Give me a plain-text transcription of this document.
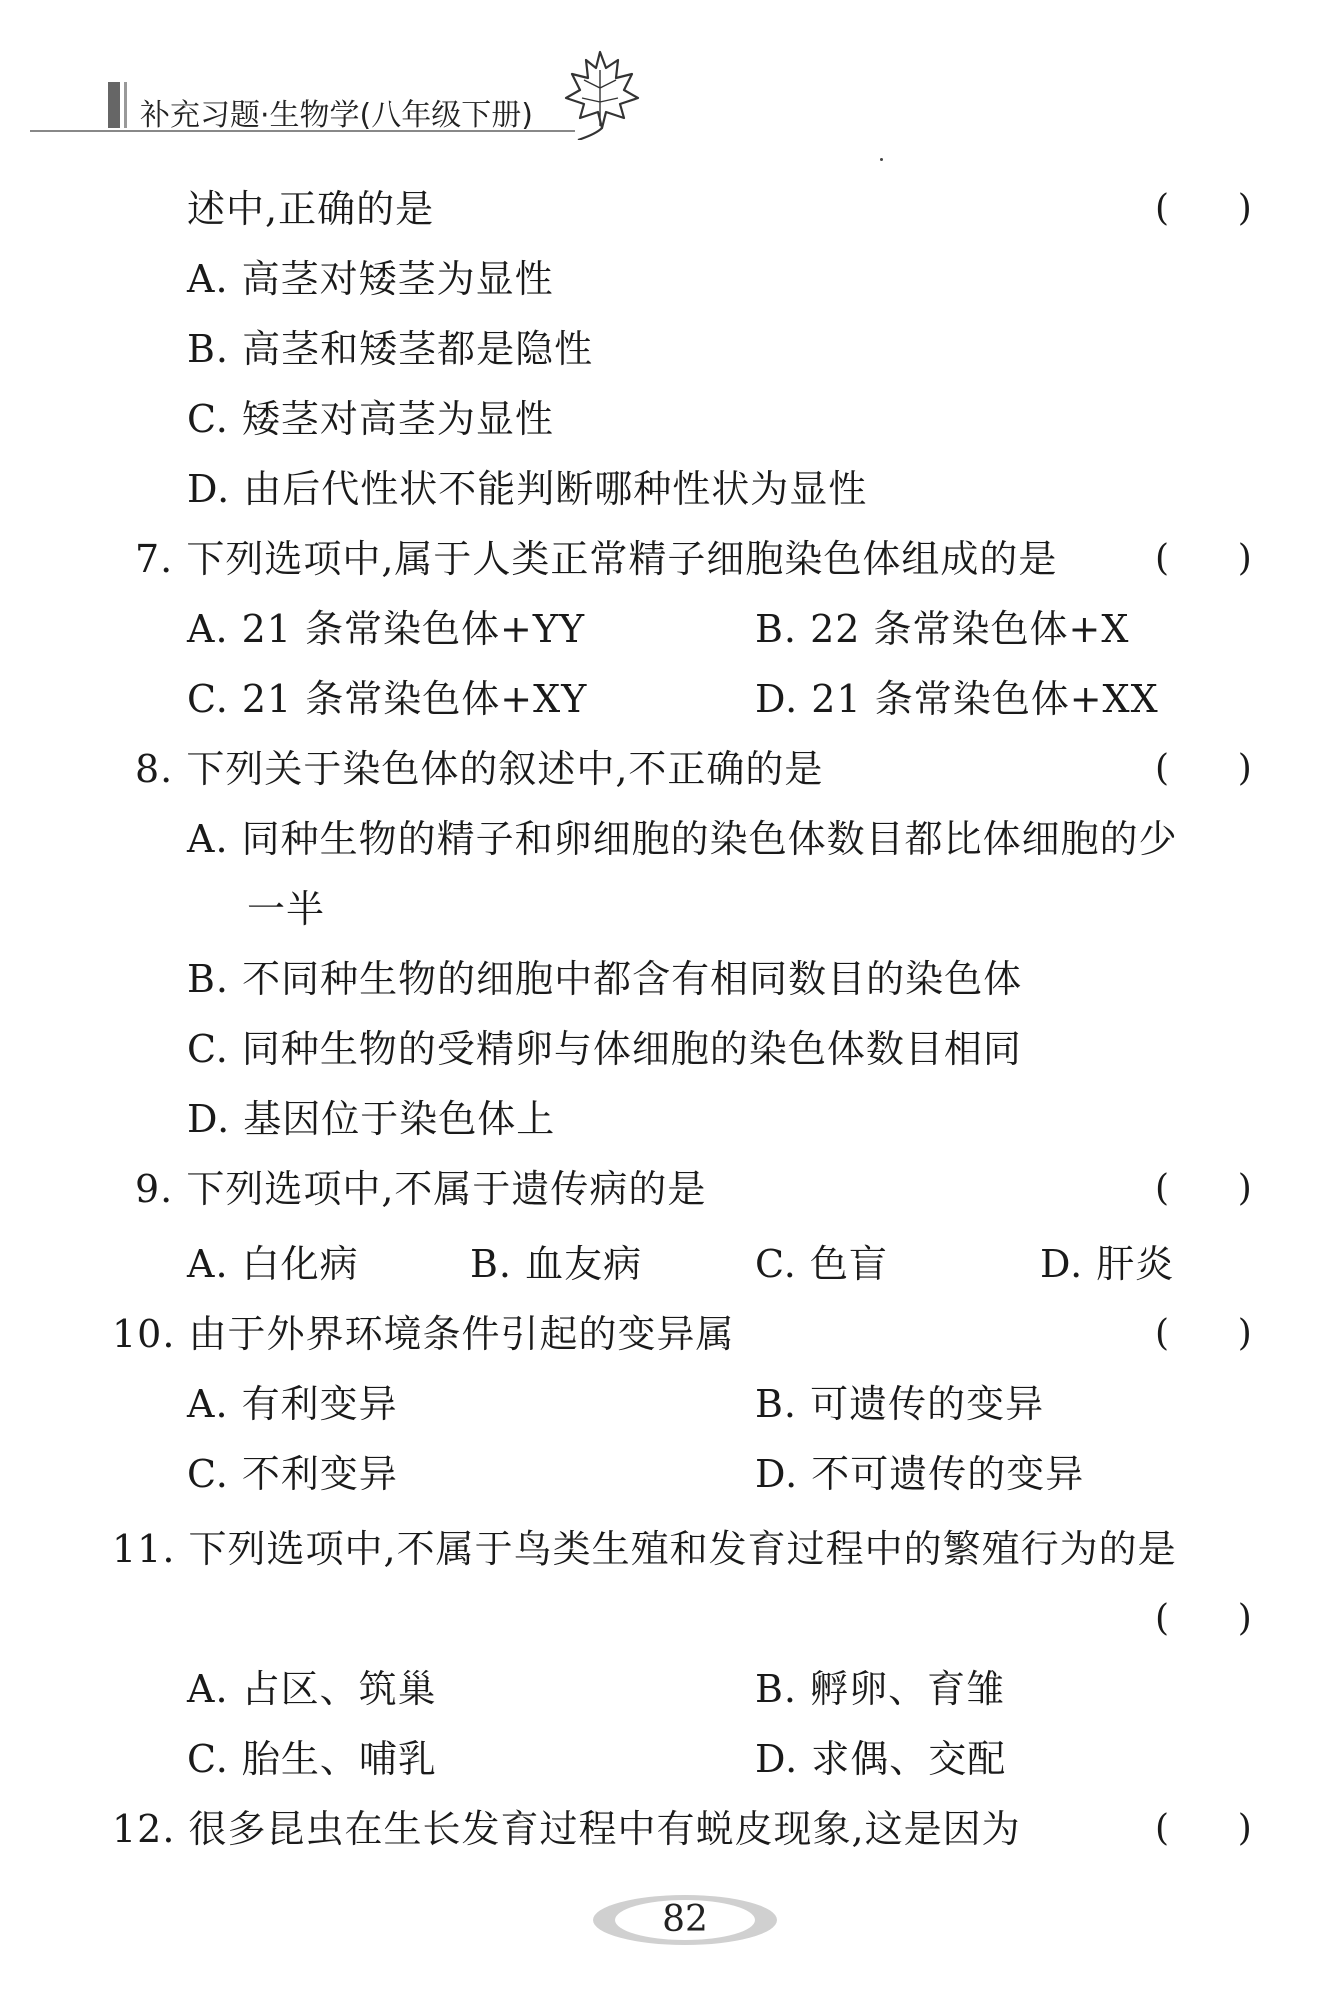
补充习题·生物学(八年级下册)
述中,正确的是	(      )
A. 高茎对矮茎为显性
B. 高茎和矮茎都是隐性
C. 矮茎对高茎为显性
D. 由后代性状不能判断哪种性状为显性
7. 下列选项中,属于人类正常精子细胞染色体组成的是	(      )
A. 21 条常染色体+YY	B. 22 条常染色体+X
C. 21 条常染色体+XY	D. 21 条常染色体+XX
8. 下列关于染色体的叙述中,不正确的是	(      )
A. 同种生物的精子和卵细胞的染色体数目都比体细胞的少
一半
B. 不同种生物的细胞中都含有相同数目的染色体
C. 同种生物的受精卵与体细胞的染色体数目相同
D. 基因位于染色体上
9. 下列选项中,不属于遗传病的是	(      )
A. 白化病	B. 血友病	C. 色盲	D. 肝炎
10. 由于外界环境条件引起的变异属	(      )
A. 有利变异	B. 可遗传的变异
C. 不利变异	D. 不可遗传的变异
11. 下列选项中,不属于鸟类生殖和发育过程中的繁殖行为的是
(      )
A. 占区、筑巢	B. 孵卵、育雏
C. 胎生、哺乳	D. 求偶、交配
12. 很多昆虫在生长发育过程中有蜕皮现象,这是因为	(      )
82
